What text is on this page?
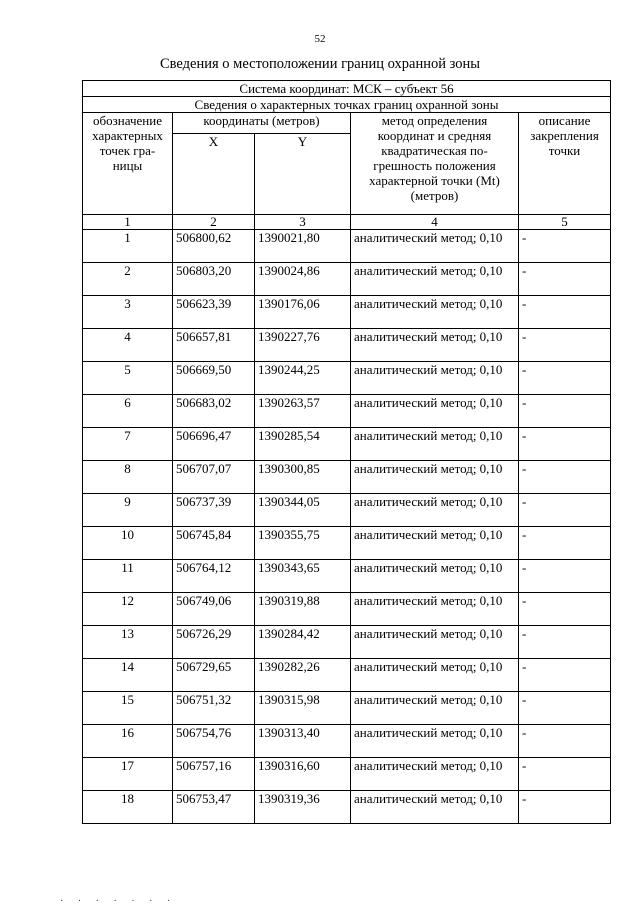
52
Сведения о местоположении границ охранной зоны
Система координат: МСК – субъект 56				
Сведения о характерных точках границ охранной зоны				
обозначение характерных точек гра-ницы	координаты (метров)		метод определения координат и средняя квадратическая по-грешность положения характерной точки (Mt) (метров)	описание закрепления точки
	X	Y		
1	2	3	4	5
1	506800,62	1390021,80	аналитический метод; 0,10	-
2	506803,20	1390024,86	аналитический метод; 0,10	-
3	506623,39	1390176,06	аналитический метод; 0,10	-
4	506657,81	1390227,76	аналитический метод; 0,10	-
5	506669,50	1390244,25	аналитический метод; 0,10	-
6	506683,02	1390263,57	аналитический метод; 0,10	-
7	506696,47	1390285,54	аналитический метод; 0,10	-
8	506707,07	1390300,85	аналитический метод; 0,10	-
9	506737,39	1390344,05	аналитический метод; 0,10	-
10	506745,84	1390355,75	аналитический метод; 0,10	-
11	506764,12	1390343,65	аналитический метод; 0,10	-
12	506749,06	1390319,88	аналитический метод; 0,10	-
13	506726,29	1390284,42	аналитический метод; 0,10	-
14	506729,65	1390282,26	аналитический метод; 0,10	-
15	506751,32	1390315,98	аналитический метод; 0,10	-
16	506754,76	1390313,40	аналитический метод; 0,10	-
17	506757,16	1390316,60	аналитический метод; 0,10	-
18	506753,47	1390319,36	аналитический метод; 0,10	-
· · · · · · ·
